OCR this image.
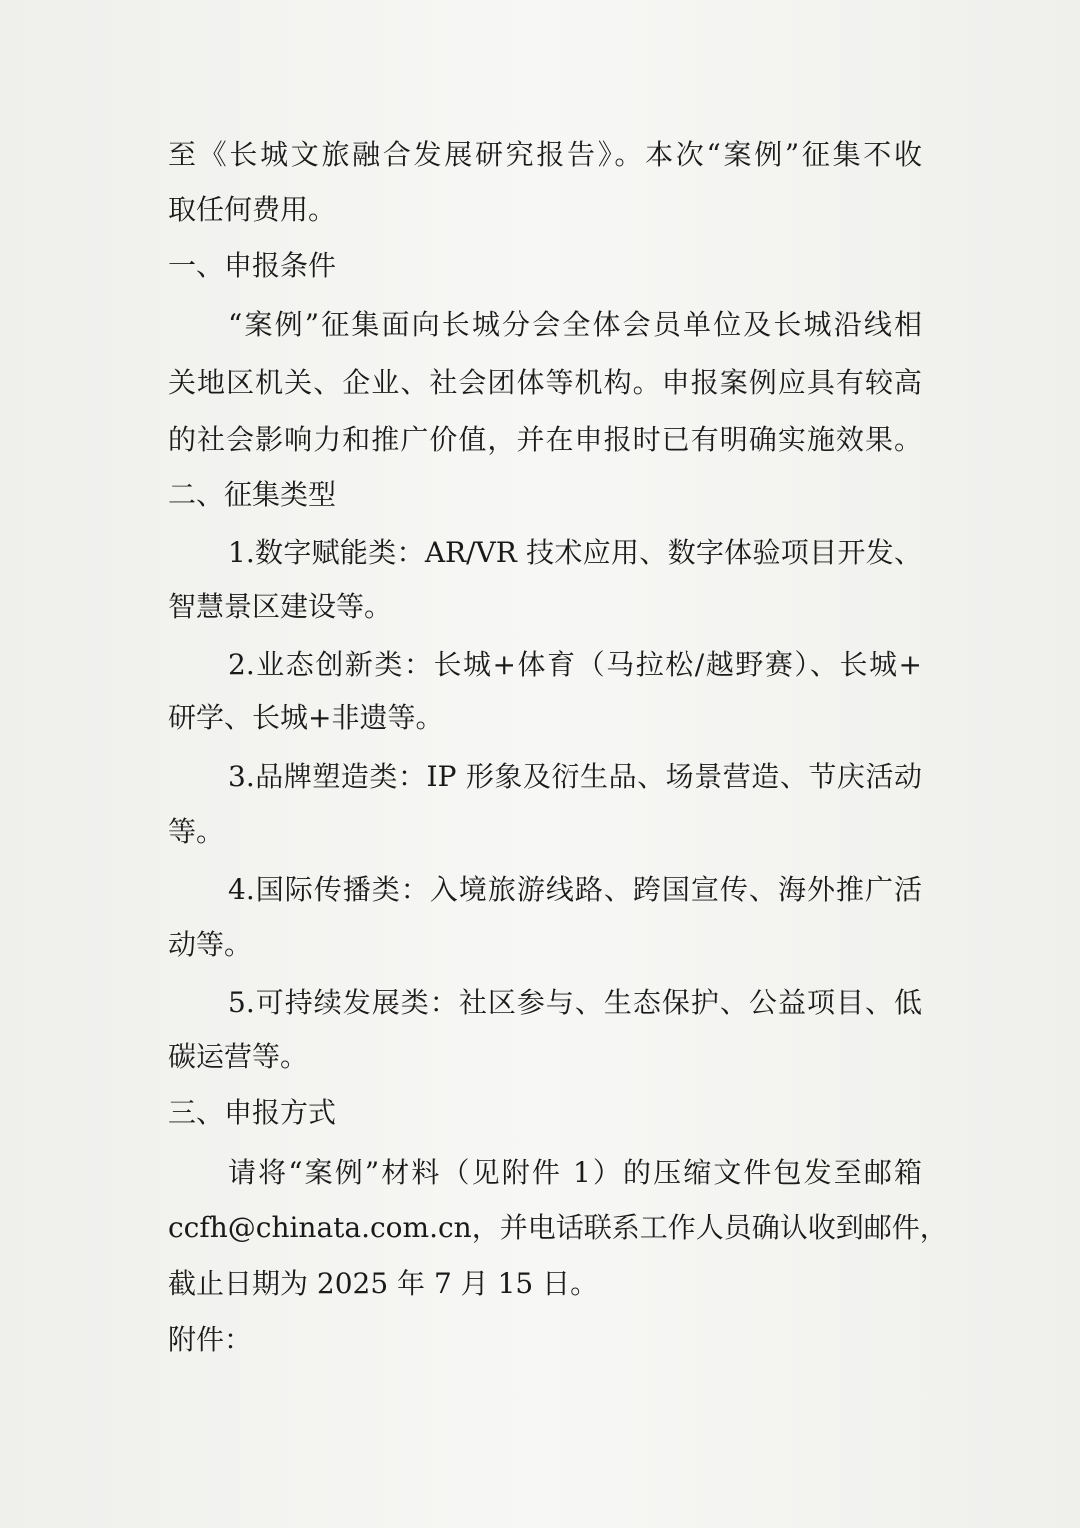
至《长城文旅融合发展研究报告》。本次“案例”征集不收
取任何费用。
一、申报条件
“案例”征集面向长城分会全体会员单位及长城沿线相
关地区机关、企业、社会团体等机构。申报案例应具有较高
的社会影响力和推广价值，并在申报时已有明确实施效果。
二、征集类型
1.数字赋能类：AR/VR 技术应用、数字体验项目开发、
智慧景区建设等。
2.业态创新类：长城+体育（马拉松/越野赛）、长城+
研学、长城+非遗等。
3.品牌塑造类：IP 形象及衍生品、场景营造、节庆活动
等。
4.国际传播类：入境旅游线路、跨国宣传、海外推广活
动等。
5.可持续发展类：社区参与、生态保护、公益项目、低
碳运营等。
三、申报方式
请将“案例”材料（见附件 1）的压缩文件包发至邮箱
ccfh@chinata.com.cn，并电话联系工作人员确认收到邮件，
截止日期为 2025 年 7 月 15 日。
附件：
